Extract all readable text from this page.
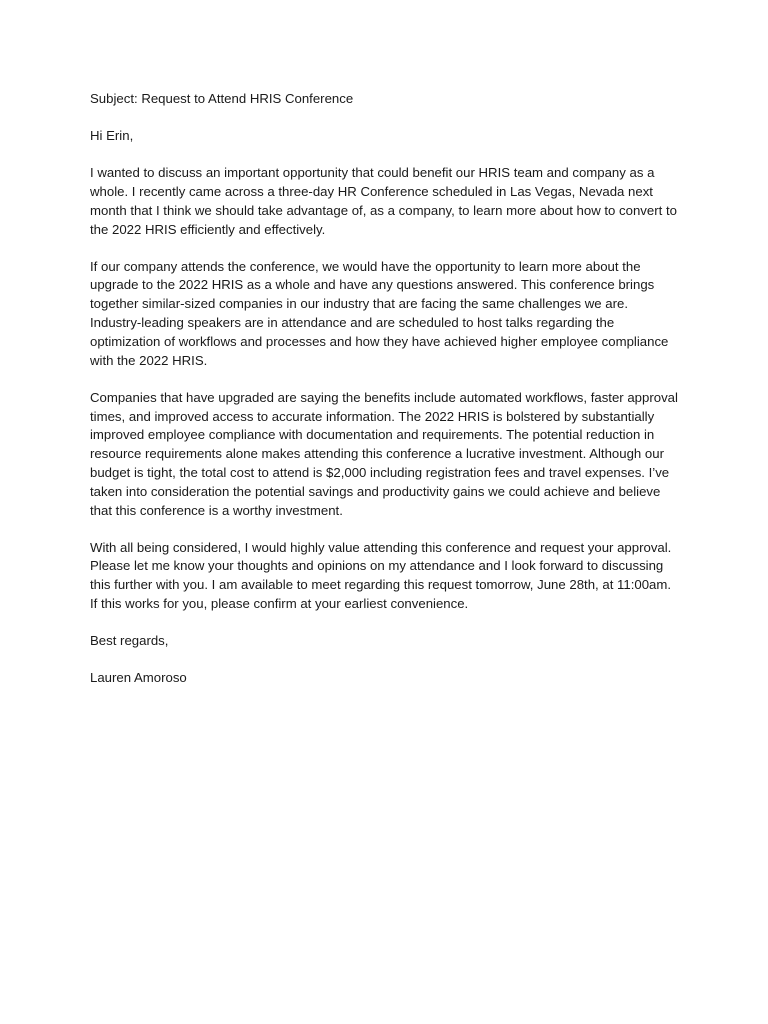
Subject: Request to Attend HRIS Conference

Hi Erin,

I wanted to discuss an important opportunity that could benefit our HRIS team and company as a whole. I recently came across a three-day HR Conference scheduled in Las Vegas, Nevada next month that I think we should take advantage of, as a company, to learn more about how to convert to the 2022 HRIS efficiently and effectively.

If our company attends the conference, we would have the opportunity to learn more about the upgrade to the 2022 HRIS as a whole and have any questions answered. This conference brings together similar-sized companies in our industry that are facing the same challenges we are. Industry-leading speakers are in attendance and are scheduled to host talks regarding the optimization of workflows and processes and how they have achieved higher employee compliance with the 2022 HRIS.

Companies that have upgraded are saying the benefits include automated workflows, faster approval times, and improved access to accurate information. The 2022 HRIS is bolstered by substantially improved employee compliance with documentation and requirements. The potential reduction in resource requirements alone makes attending this conference a lucrative investment. Although our budget is tight, the total cost to attend is $2,000 including registration fees and travel expenses. I’ve taken into consideration the potential savings and productivity gains we could achieve and believe that this conference is a worthy investment.

With all being considered, I would highly value attending this conference and request your approval. Please let me know your thoughts and opinions on my attendance and I look forward to discussing this further with you. I am available to meet regarding this request tomorrow, June 28th, at 11:00am. If this works for you, please confirm at your earliest convenience.

Best regards,

Lauren Amoroso
